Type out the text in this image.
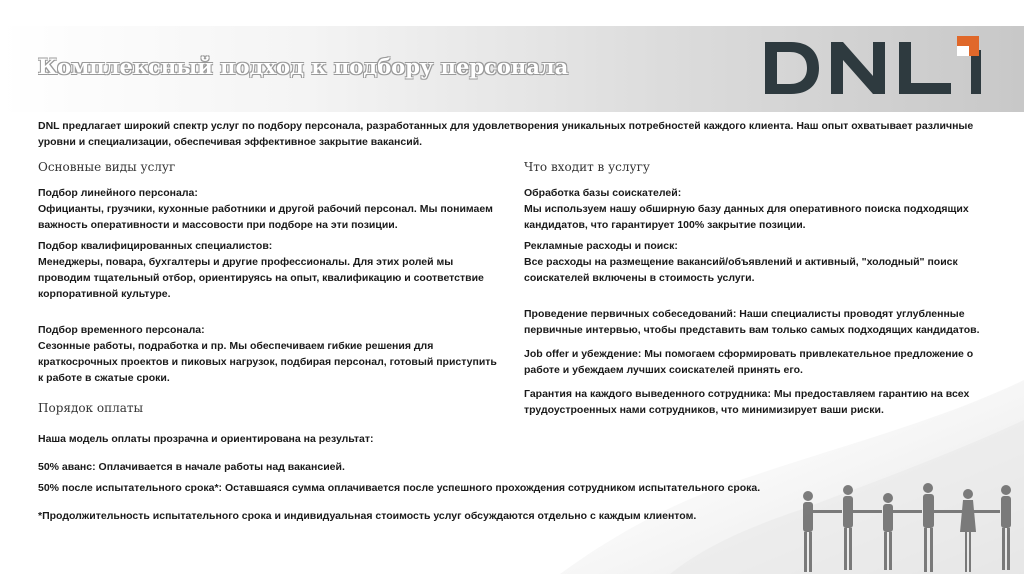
Комплексный подход к подбору персонала

DNL предлагает широкий спектр услуг по подбору персонала, разработанных для удовлетворения уникальных потребностей каждого клиента. Наш опыт охватывает различные уровни и специализации, обеспечивая эффективное закрытие вакансий.

Основные виды услуг

Подбор линейного персонала:
Официанты, грузчики, кухонные работники и другой рабочий персонал. Мы понимаем важность оперативности и массовости при подборе на эти позиции.
Подбор квалифицированных специалистов:
Менеджеры, повара, бухгалтеры и другие профессионалы. Для этих ролей мы проводим тщательный отбор, ориентируясь на опыт, квалификацию и соответствие корпоративной культуре.
Подбор временного персонала:
Сезонные работы, подработка и пр. Мы обеспечиваем гибкие решения для краткосрочных проектов и пиковых нагрузок, подбирая персонал, готовый приступить к работе в сжатые сроки.

Порядок оплаты

Что входит в услугу

Обработка базы соискателей:
Мы используем нашу обширную базу данных для оперативного поиска подходящих кандидатов, что гарантирует 100% закрытие позиции.
Рекламные расходы и поиск:
Все расходы на размещение вакансий/объявлений и активный, "холодный" поиск соискателей включены в стоимость услуги.
Проведение первичных собеседований: Наши специалисты проводят углубленные первичные интервью, чтобы представить вам только самых подходящих кандидатов.
Job offer и убеждение: Мы помогаем сформировать привлекательное предложение о работе и убеждаем лучших соискателей принять его.
Гарантия на каждого выведенного сотрудника: Мы предоставляем гарантию на всех трудоустроенных нами сотрудников, что минимизирует ваши риски.

Наша модель оплаты прозрачна и ориентирована на результат:

50% аванс: Оплачивается в начале работы над вакансией.

50% после испытательного срока*: Оставшаяся сумма оплачивается после успешного прохождения сотрудником испытательного срока.

*Продолжительность испытательного срока и индивидуальная стоимость услуг обсуждаются отдельно с каждым клиентом.
